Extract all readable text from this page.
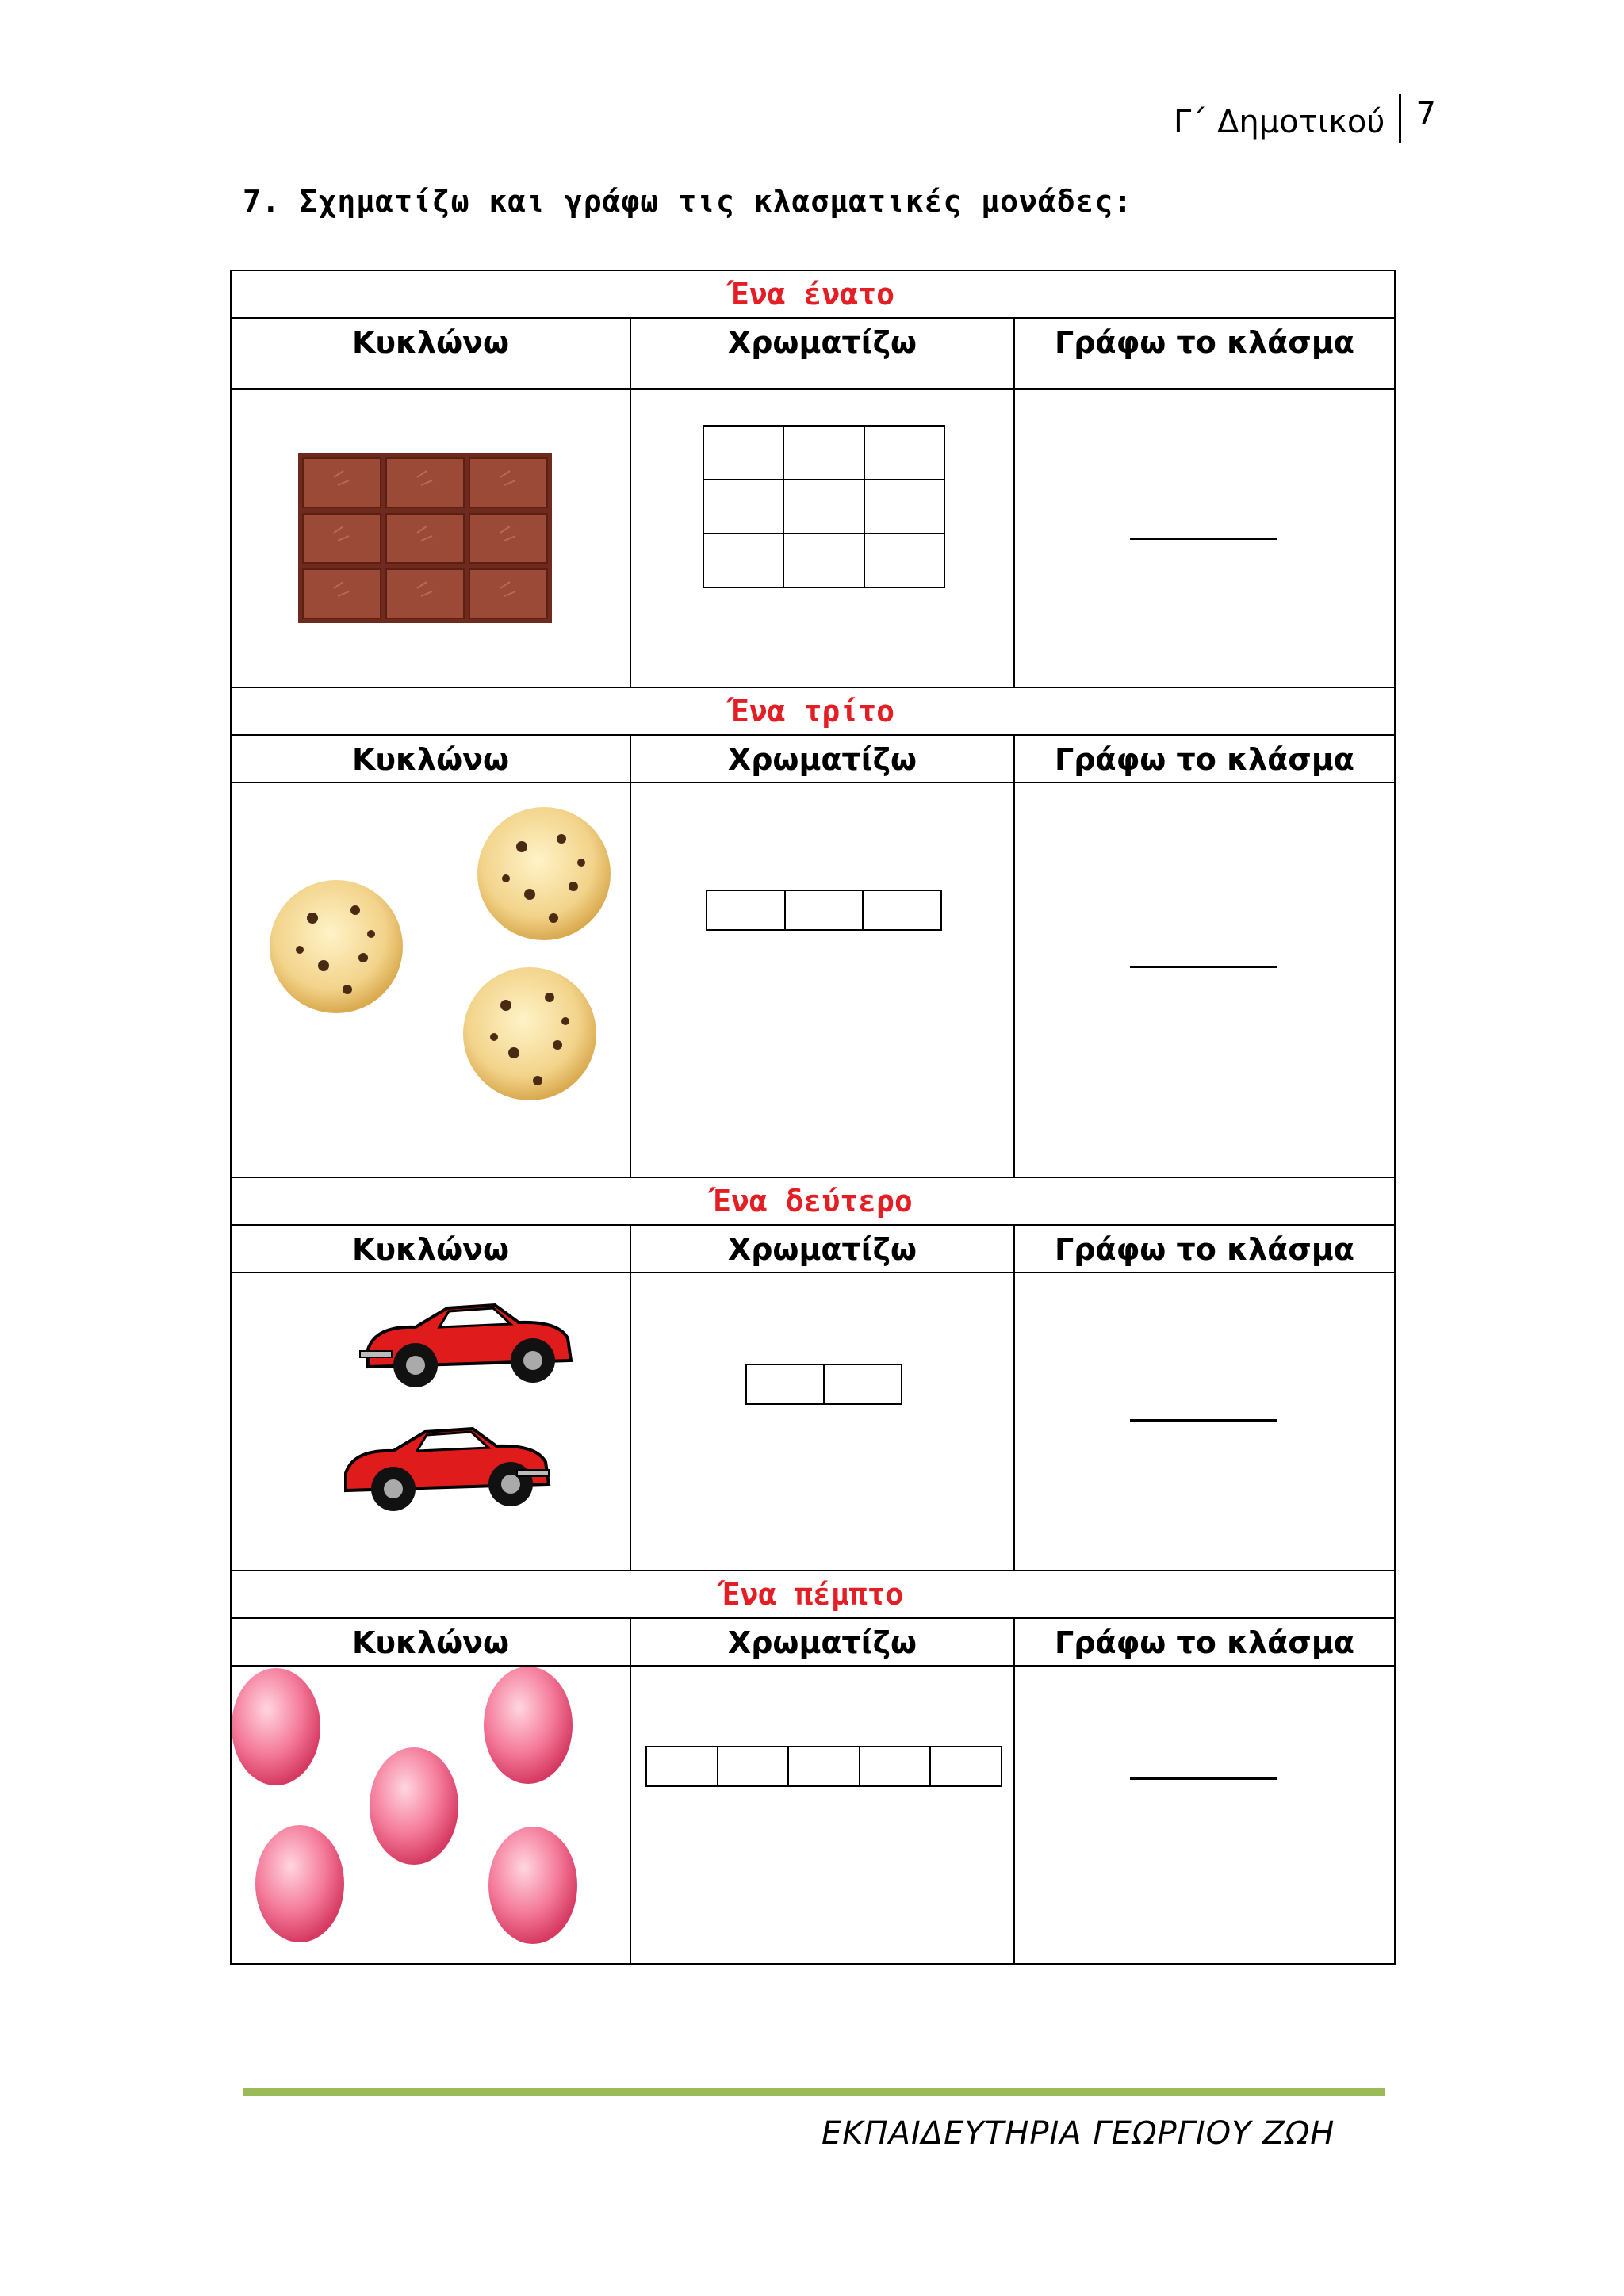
Γ΄ Δημοτικού 7
7. Σχηματίζω και γράφω τις κλασματικές μονάδες:
Ένα ένατο
Κυκλώνω	Χρωματίζω	Γράφω το κλάσμα
Ένα τρίτο
Κυκλώνω	Χρωματίζω	Γράφω το κλάσμα
Ένα δεύτερο
Κυκλώνω	Χρωματίζω	Γράφω το κλάσμα
Ένα πέμπτο
Κυκλώνω	Χρωματίζω	Γράφω το κλάσμα
ΕΚΠΑΙΔΕΥΤΗΡΙΑ ΓΕΩΡΓΙΟΥ ΖΩΗ
